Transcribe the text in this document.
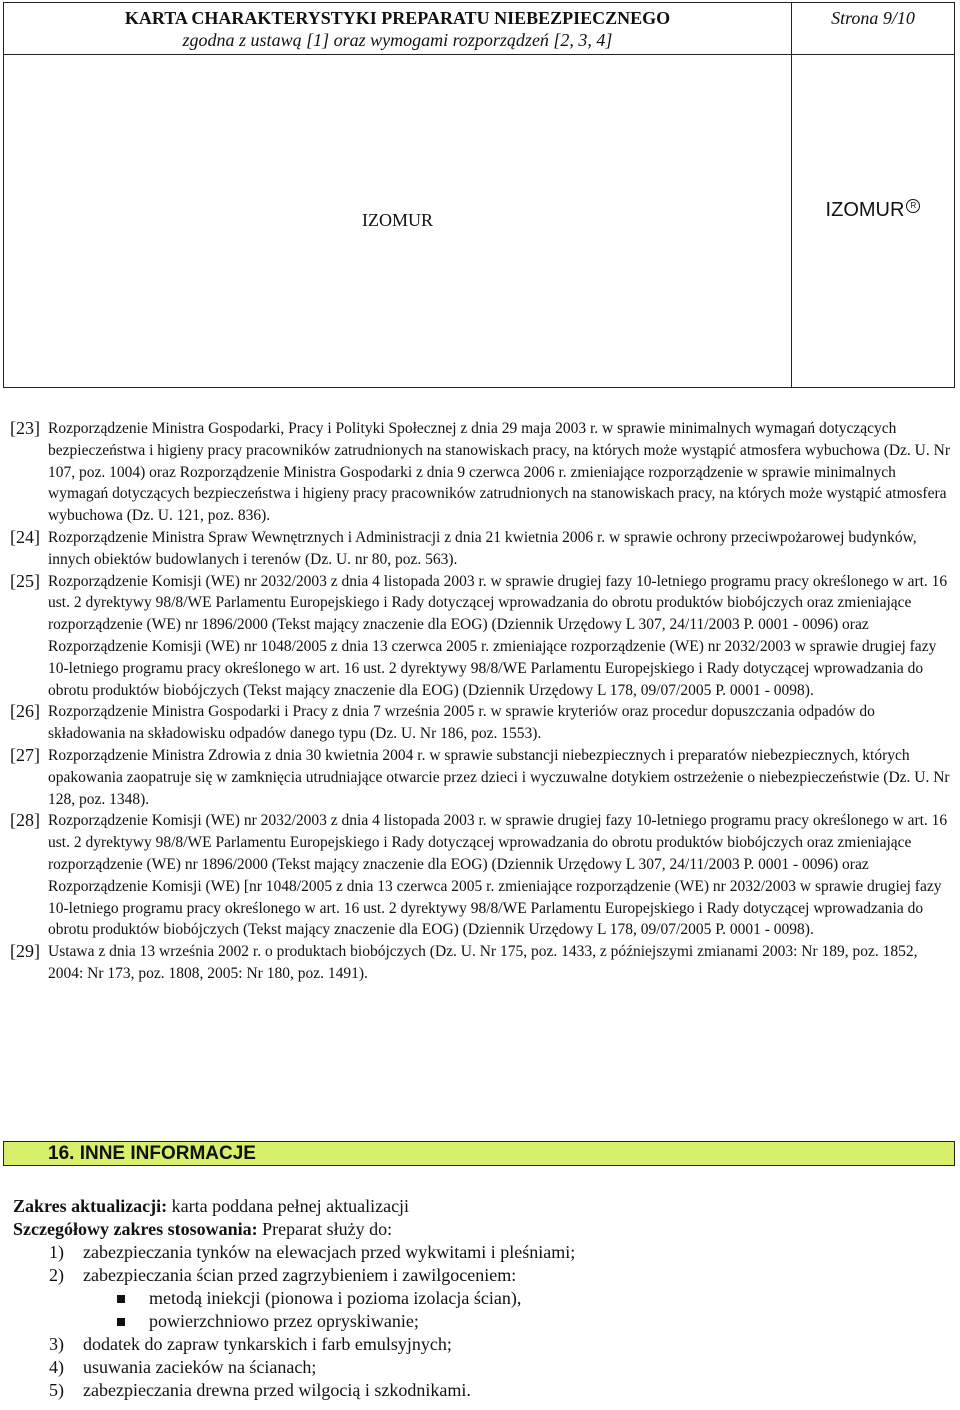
KARTA CHARAKTERYSTYKI PREPARATU NIEBEZPIECZNEGO
zgodna z ustawą [1] oraz wymogami rozporządzeń [2, 3, 4]
IZOMUR
Strona 9/10
IZOMUR R

[23] Rozporządzenie Ministra Gospodarki, Pracy i Polityki Społecznej z dnia 29 maja 2003 r. w sprawie minimalnych wymagań dotyczących bezpieczeństwa i higieny pracy pracowników zatrudnionych na stanowiskach pracy, na których może wystąpić atmosfera wybuchowa (Dz. U. Nr 107, poz. 1004) oraz Rozporządzenie Ministra Gospodarki z dnia 9 czerwca 2006 r. zmieniające rozporządzenie w sprawie minimalnych wymagań dotyczących bezpieczeństwa i higieny pracy pracowników zatrudnionych na stanowiskach pracy, na których może wystąpić atmosfera wybuchowa (Dz. U. 121, poz. 836).

[24] Rozporządzenie Ministra Spraw Wewnętrznych i Administracji z dnia 21 kwietnia 2006 r. w sprawie ochrony przeciwpożarowej budynków, innych obiektów budowlanych i terenów (Dz. U. nr 80, poz. 563).

[25] Rozporządzenie Komisji (WE) nr 2032/2003 z dnia 4 listopada 2003 r. w sprawie drugiej fazy 10-letniego programu pracy określonego w art. 16 ust. 2 dyrektywy 98/8/WE Parlamentu Europejskiego i Rady dotyczącej wprowadzania do obrotu produktów biobójczych oraz zmieniające rozporządzenie (WE) nr 1896/2000 (Tekst mający znaczenie dla EOG) (Dziennik Urzędowy L 307, 24/11/2003 P. 0001 - 0096) oraz Rozporządzenie Komisji (WE) nr 1048/2005 z dnia 13 czerwca 2005 r. zmieniające rozporządzenie (WE) nr 2032/2003 w sprawie drugiej fazy 10-letniego programu pracy określonego w art. 16 ust. 2 dyrektywy 98/8/WE Parlamentu Europejskiego i Rady dotyczącej wprowadzania do obrotu produktów biobójczych (Tekst mający znaczenie dla EOG) (Dziennik Urzędowy L 178, 09/07/2005 P. 0001 - 0098).

[26] Rozporządzenie Ministra Gospodarki i Pracy z dnia 7 września 2005 r. w sprawie kryteriów oraz procedur dopuszczania odpadów do składowania na składowisku odpadów danego typu (Dz. U. Nr 186, poz. 1553).

[27] Rozporządzenie Ministra Zdrowia z dnia 30 kwietnia 2004 r. w sprawie substancji niebezpiecznych i preparatów niebezpiecznych, których opakowania zaopatruje się w zamknięcia utrudniające otwarcie przez dzieci i wyczuwalne dotykiem ostrzeżenie o niebezpieczeństwie (Dz. U. Nr 128, poz. 1348).

[28] Rozporządzenie Komisji (WE) nr 2032/2003 z dnia 4 listopada 2003 r. w sprawie drugiej fazy 10-letniego programu pracy określonego w art. 16 ust. 2 dyrektywy 98/8/WE Parlamentu Europejskiego i Rady dotyczącej wprowadzania do obrotu produktów biobójczych oraz zmieniające rozporządzenie (WE) nr 1896/2000 (Tekst mający znaczenie dla EOG) (Dziennik Urzędowy L 307, 24/11/2003 P. 0001 - 0096) oraz Rozporządzenie Komisji (WE) [nr 1048/2005 z dnia 13 czerwca 2005 r. zmieniające rozporządzenie (WE) nr 2032/2003 w sprawie drugiej fazy 10-letniego programu pracy określonego w art. 16 ust. 2 dyrektywy 98/8/WE Parlamentu Europejskiego i Rady dotyczącej wprowadzania do obrotu produktów biobójczych (Tekst mający znaczenie dla EOG) (Dziennik Urzędowy L 178, 09/07/2005 P. 0001 - 0098).

[29] Ustawa z dnia 13 września 2002 r. o produktach biobójczych (Dz. U. Nr 175, poz. 1433, z późniejszymi zmianami 2003: Nr 189, poz. 1852, 2004: Nr 173, poz. 1808, 2005: Nr 180, poz. 1491).

16. INNE INFORMACJE

Zakres aktualizacji: karta poddana pełnej aktualizacji

Szczegółowy zakres stosowania: Preparat służy do:

1)	zabezpieczania tynków na elewacjach przed wykwitami i pleśniami;

2)	zabezpieczania ścian przed zagrzybieniem i zawilgoceniem:

metodą iniekcji (pionowa i pozioma izolacja ścian),

powierzchniowo przez opryskiwanie;

3)	dodatek do zapraw tynkarskich i farb emulsyjnych;

4)	usuwania zacieków na ścianach;

5)	zabezpieczania drewna przed wilgocią i szkodnikami.
